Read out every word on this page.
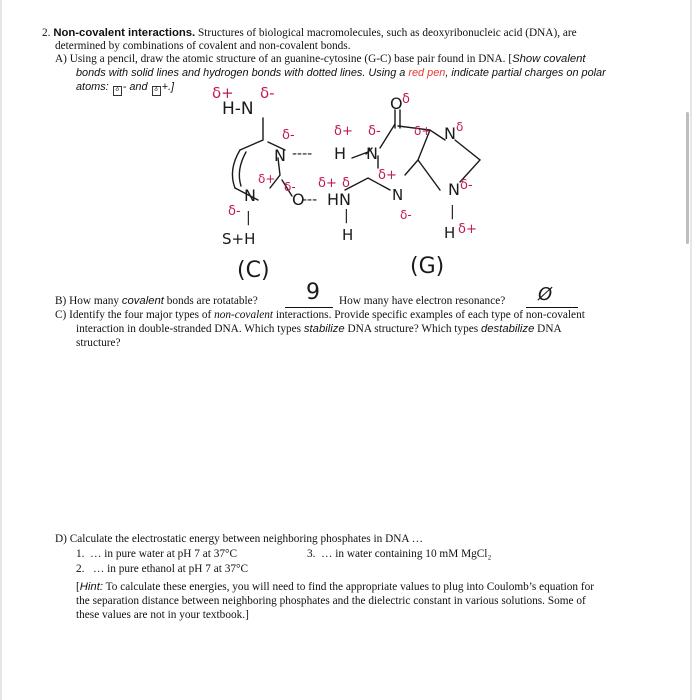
2. Non-covalent interactions. Structures of biological macromolecules, such as deoxyribonucleic acid (DNA), are
determined by combinations of covalent and non-covalent bonds.
A) Using a pencil, draw the atomic structure of an guanine-cytosine (G-C) base pair found in DNA. [Show covalent
bonds with solid lines and hydrogen bonds with dotted lines. Using a red pen, indicate partial charges on polar
atoms: δ - and δ +.]	δ+ δ-
H-N	O δ
δ-	δ+ δ-	δ+ N δ
N ---- H N
δ+
δ- δ+ δ
δ+
N O
--- HN	N	N δ-
δ- |	|	δ-	|
S+H	H	H δ+
(C)	(G)
B) How many covalent bonds are rotatable? 9 How many have electron resonance? Ø
C) Identify the four major types of non-covalent interactions. Provide specific examples of each type of non-covalent
interaction in double-stranded DNA. Which types stabilize DNA structure? Which types destabilize DNA
structure?
D) Calculate the electrostatic energy between neighboring phosphates in DNA …
1. … in pure water at pH 7 at 37°C	3. … in water containing 10 mM MgCl₂
2. … in pure ethanol at pH 7 at 37°C
[Hint: To calculate these energies, you will need to find the appropriate values to plug into Coulomb’s equation for
the separation distance between neighboring phosphates and the dielectric constant in various solutions. Some of
these values are not in your textbook.]
